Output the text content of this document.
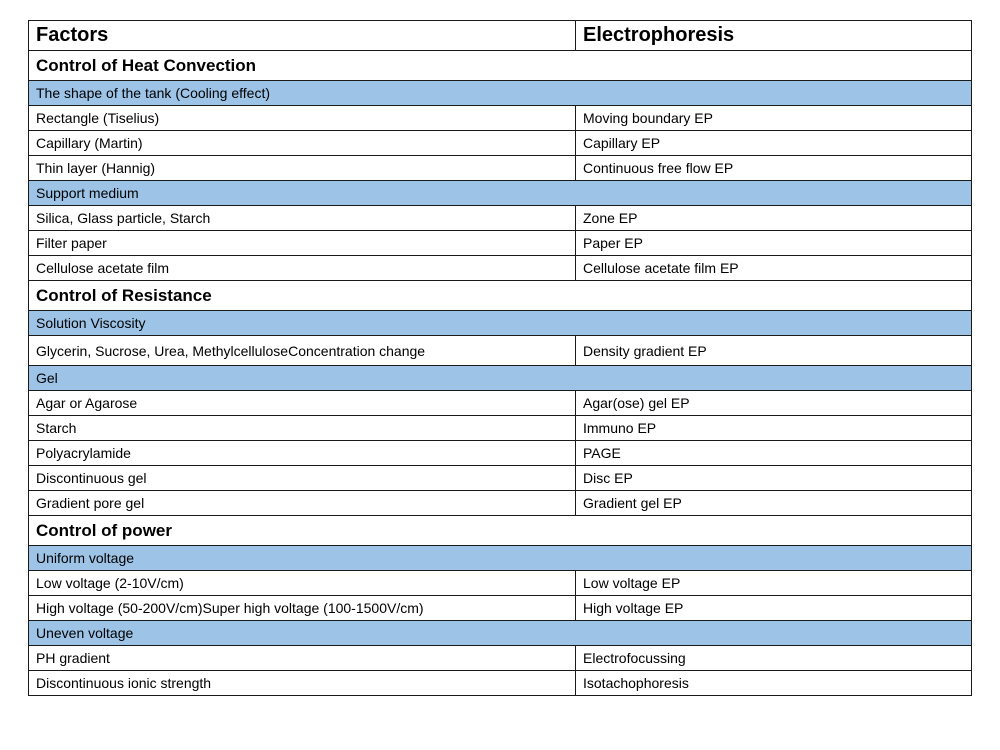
Factors	Electrophoresis
Control of Heat Convection	
The shape of the tank (Cooling effect)	
Rectangle (Tiselius)	Moving boundary EP
Capillary (Martin)	Capillary EP
Thin layer (Hannig)	Continuous free flow EP
Support medium	
Silica, Glass particle, Starch	Zone EP
Filter paper	Paper EP
Cellulose acetate film	Cellulose acetate film EP
Control of Resistance	
Solution Viscosity	
Glycerin, Sucrose, Urea, MethylcelluloseConcentration change	Density gradient EP
Gel	
Agar or Agarose	Agar(ose) gel EP
Starch	Immuno EP
Polyacrylamide	PAGE
Discontinuous gel	Disc EP
Gradient pore gel	Gradient gel EP
Control of power	
Uniform voltage	
Low voltage (2-10V/cm)	Low voltage EP
High voltage (50-200V/cm)Super high voltage (100-1500V/cm)	High voltage EP
Uneven voltage	
PH gradient	Electrofocussing
Discontinuous ionic strength	Isotachophoresis
